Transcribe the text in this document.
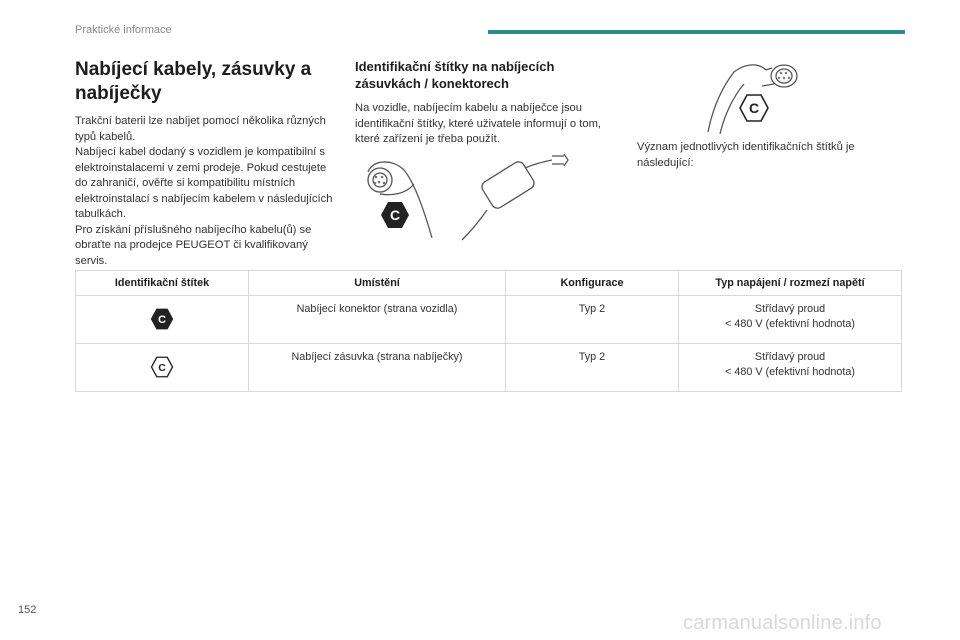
Praktické informace
Nabíjecí kabely, zásuvky a nabíječky

Trakční baterii lze nabíjet pomocí několika různých typů kabelů.

Nabíjecí kabel dodaný s vozidlem je kompatibilní s elektroinstalacemi v zemi prodeje. Pokud cestujete do zahraničí, ověřte si kompatibilitu místních elektroinstalací s nabíjecím kabelem v následujících tabulkách.

Pro získání příslušného nabíjecího kabelu(ů) se obraťte na prodejce PEUGEOT či kvalifikovaný servis.

Identifikační štítky na nabíjecích zásuvkách / konektorech

Na vozidle, nabíjecím kabelu a nabíječce jsou identifikační štítky, které uživatele informují o tom, které zařízení je třeba použít.

C
C

Význam jednotlivých identifikačních štítků je následující:

Identifikační štítek	Umístění	Konfigurace	Typ napájení / rozmezí napětí

C	Nabíjecí konektor (strana vozidla)	Typ 2	Střídavý proud
< 480 V (efektivní hodnota)

C	Nabíjecí zásuvka (strana nabíječky)	Typ 2	Střídavý proud
< 480 V (efektivní hodnota)
152
carmanualsonline.info
